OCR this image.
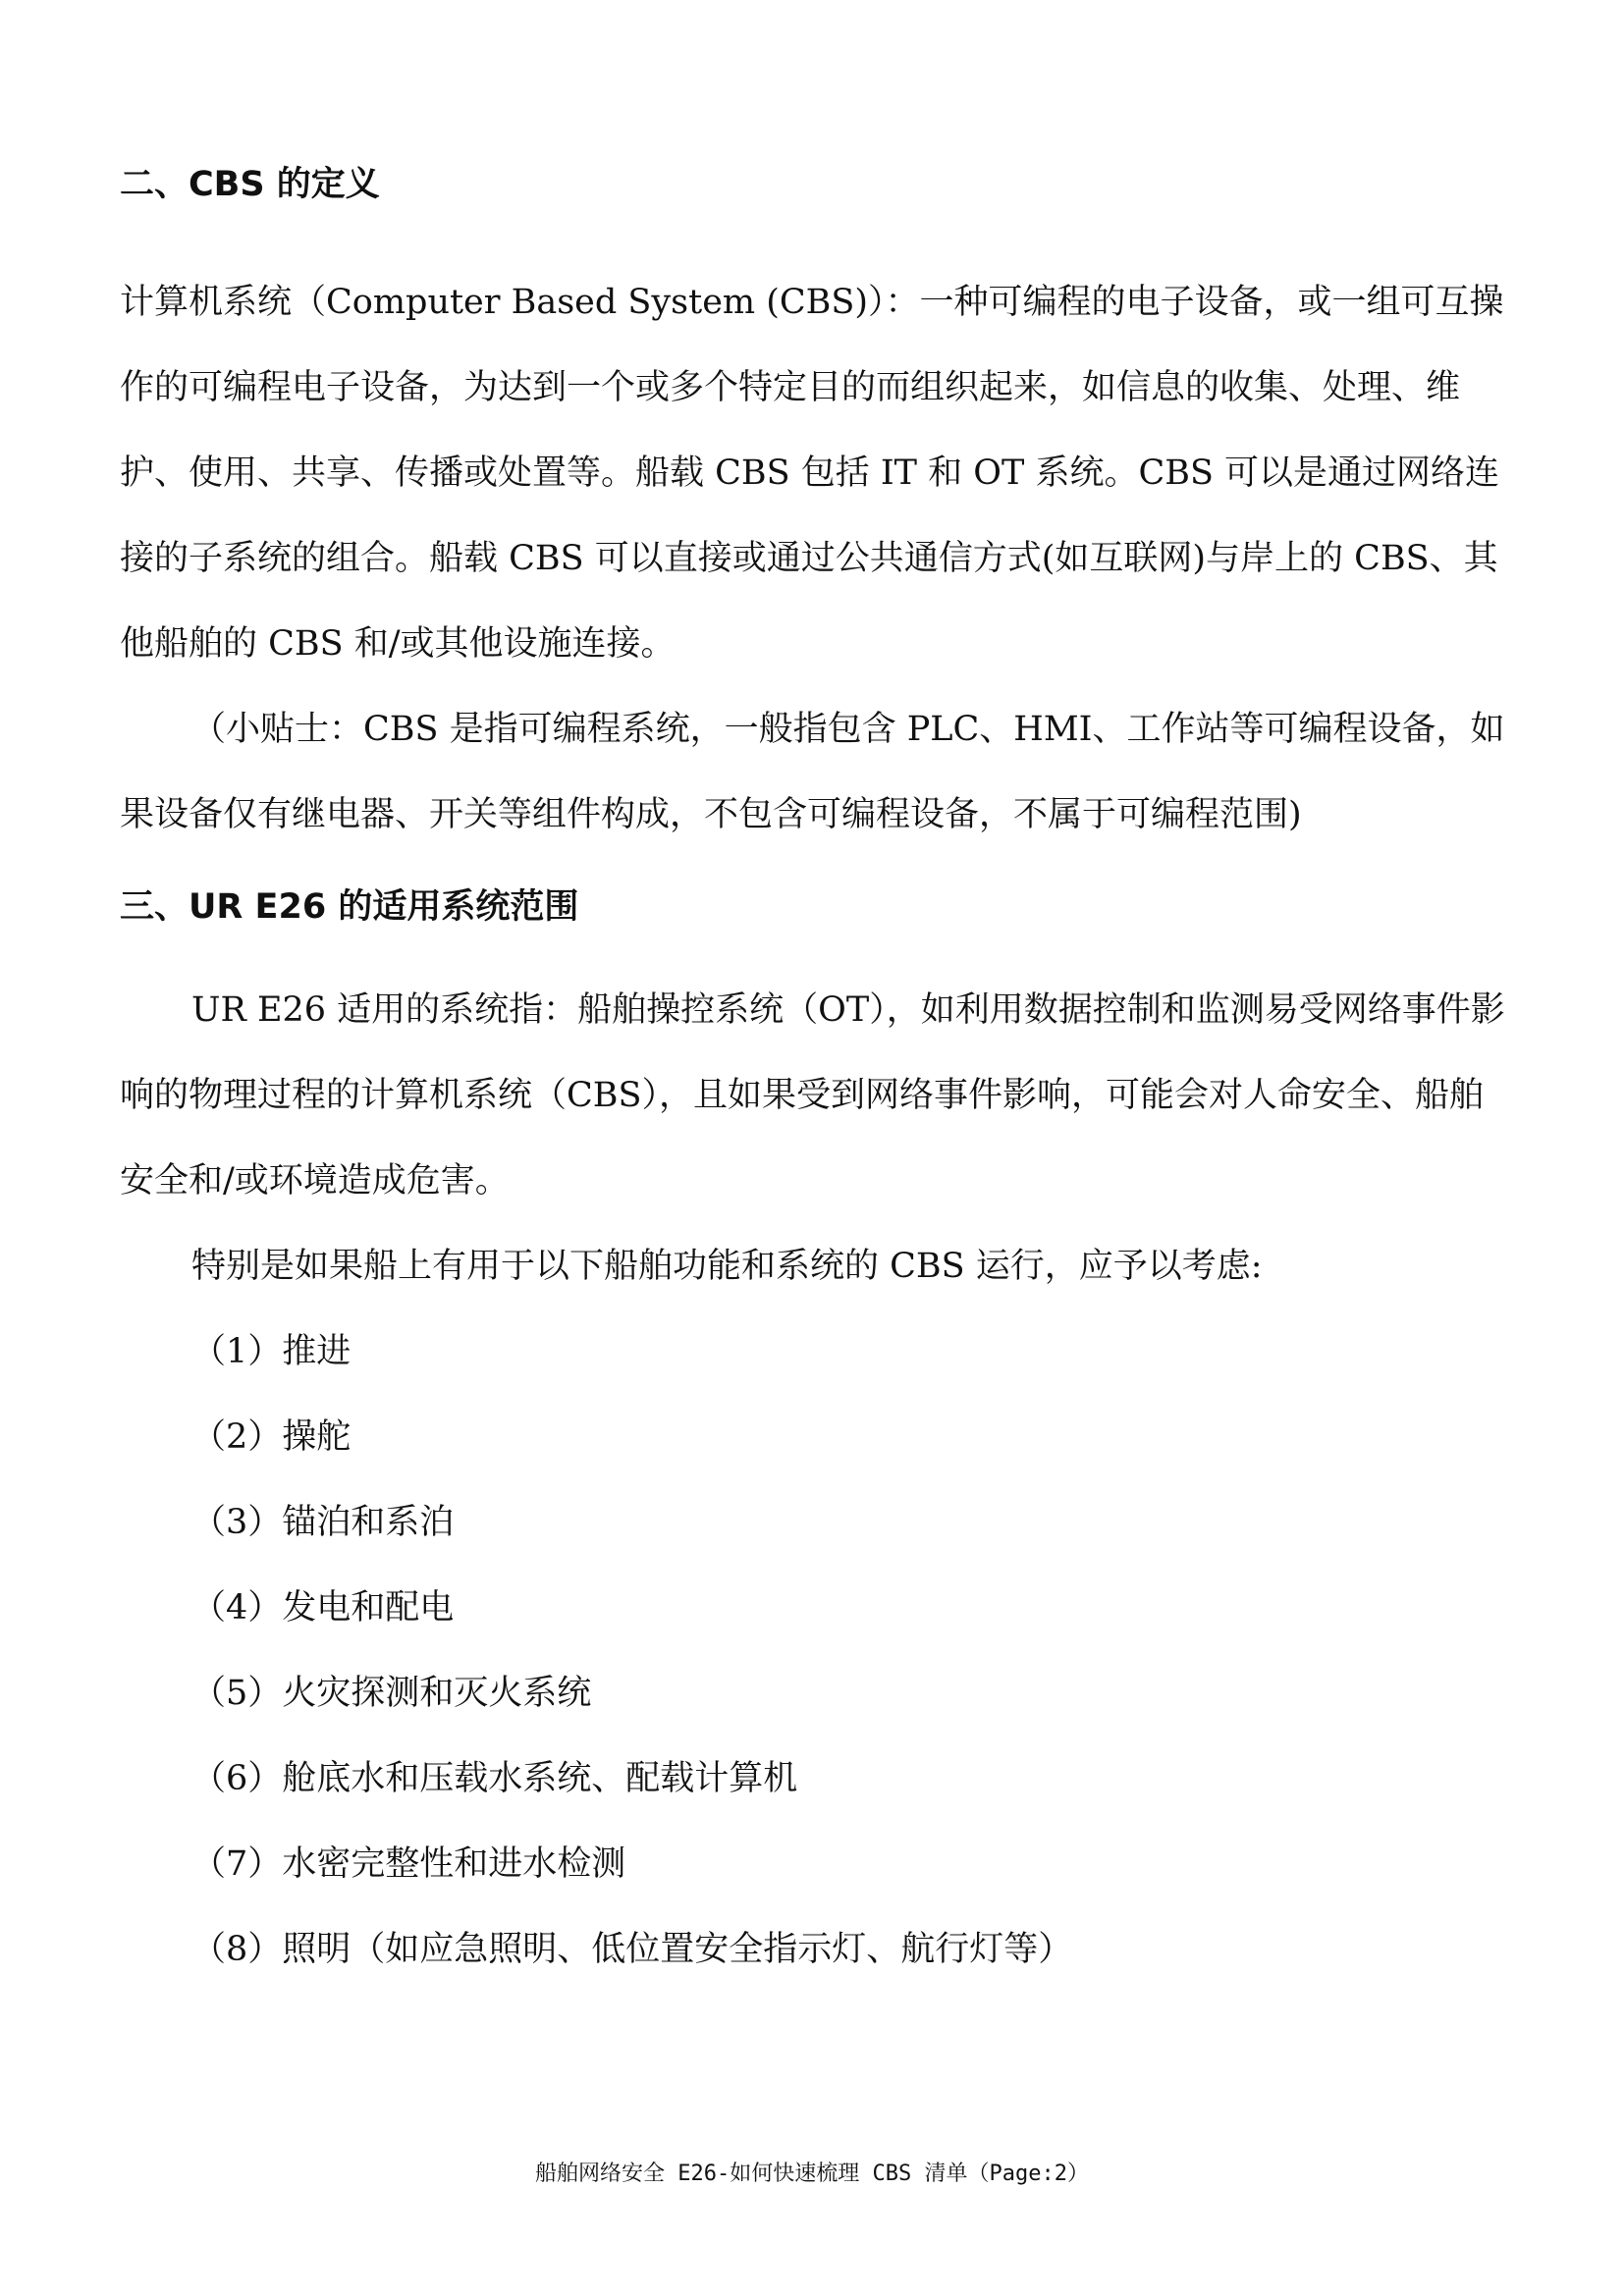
二、CBS 的定义

计算机系统（Computer Based System (CBS)）：一种可编程的电子设备，或一组可互操作的可编程电子设备，为达到一个或多个特定目的而组织起来，如信息的收集、处理、维护、使用、共享、传播或处置等。船载 CBS 包括 IT 和 OT 系统。CBS 可以是通过网络连接的子系统的组合。船载 CBS 可以直接或通过公共通信方式(如互联网)与岸上的 CBS、其他船舶的 CBS 和/或其他设施连接。

（小贴士：CBS 是指可编程系统，一般指包含 PLC、HMI、工作站等可编程设备，如果设备仅有继电器、开关等组件构成，不包含可编程设备，不属于可编程范围)

三、UR E26 的适用系统范围

UR E26 适用的系统指：船舶操控系统（OT），如利用数据控制和监测易受网络事件影响的物理过程的计算机系统（CBS），且如果受到网络事件影响，可能会对人命安全、船舶安全和/或环境造成危害。

特别是如果船上有用于以下船舶功能和系统的 CBS 运行，应予以考虑:

（1）推进

（2）操舵

（3）锚泊和系泊

（4）发电和配电

（5）火灾探测和灭火系统

（6）舱底水和压载水系统、配载计算机

（7）水密完整性和进水检测

（8）照明（如应急照明、低位置安全指示灯、航行灯等）

船舶网络安全 E26-如何快速梳理 CBS 清单（Page:2）
